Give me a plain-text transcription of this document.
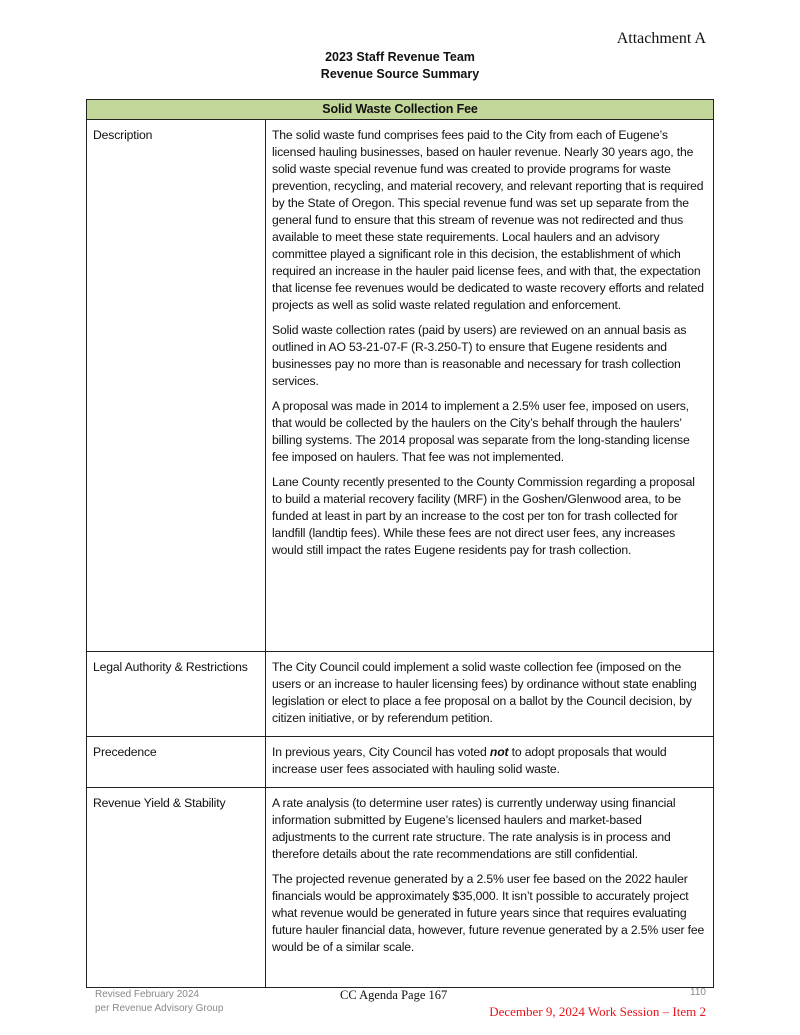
Attachment A
2023 Staff Revenue Team
Revenue Source Summary
Solid Waste Collection Fee	
Description	The solid waste fund comprises fees paid to the City from each of Eugene’s licensed hauling businesses, based on hauler revenue. Nearly 30 years ago, the solid waste special revenue fund was created to provide programs for waste prevention, recycling, and material recovery, and relevant reporting that is required by the State of Oregon. This special revenue fund was set up separate from the general fund to ensure that this stream of revenue was not redirected and thus available to meet these state requirements. Local haulers and an advisory committee played a significant role in this decision, the establishment of which required an increase in the hauler paid license fees, and with that, the expectation that license fee revenues would be dedicated to waste recovery efforts and related projects as well as solid waste related regulation and enforcement.

Solid waste collection rates (paid by users) are reviewed on an annual basis as outlined in AO 53-21-07-F (R-3.250-T) to ensure that Eugene residents and businesses pay no more than is reasonable and necessary for trash collection services.

A proposal was made in 2014 to implement a 2.5% user fee, imposed on users, that would be collected by the haulers on the City’s behalf through the haulers’ billing systems. The 2014 proposal was separate from the long-standing license fee imposed on haulers. That fee was not implemented.

Lane County recently presented to the County Commission regarding a proposal to build a material recovery facility (MRF) in the Goshen/Glenwood area, to be funded at least in part by an increase to the cost per ton for trash collected for landfill (landtip fees). While these fees are not direct user fees, any increases would still impact the rates Eugene residents pay for trash collection.

Legal Authority & Restrictions	The City Council could implement a solid waste collection fee (imposed on the users or an increase to hauler licensing fees) by ordinance without state enabling legislation or elect to place a fee proposal on a ballot by the Council decision, by citizen initiative, or by referendum petition.

Precedence	In previous years, City Council has voted not to adopt proposals that would increase user fees associated with hauling solid waste.

Revenue Yield & Stability	A rate analysis (to determine user rates) is currently underway using financial information submitted by Eugene’s licensed haulers and market-based adjustments to the current rate structure. The rate analysis is in process and therefore details about the rate recommendations are still confidential.

The projected revenue generated by a 2.5% user fee based on the 2022 hauler financials would be approximately $35,000. It isn’t possible to accurately project what revenue would be generated in future years since that requires evaluating future hauler financial data, however, future revenue generated by a 2.5% user fee would be of a similar scale.

Revised February 2024
per Revenue Advisory Group
CC Agenda Page 167	110
December 9, 2024 Work Session – Item 2
